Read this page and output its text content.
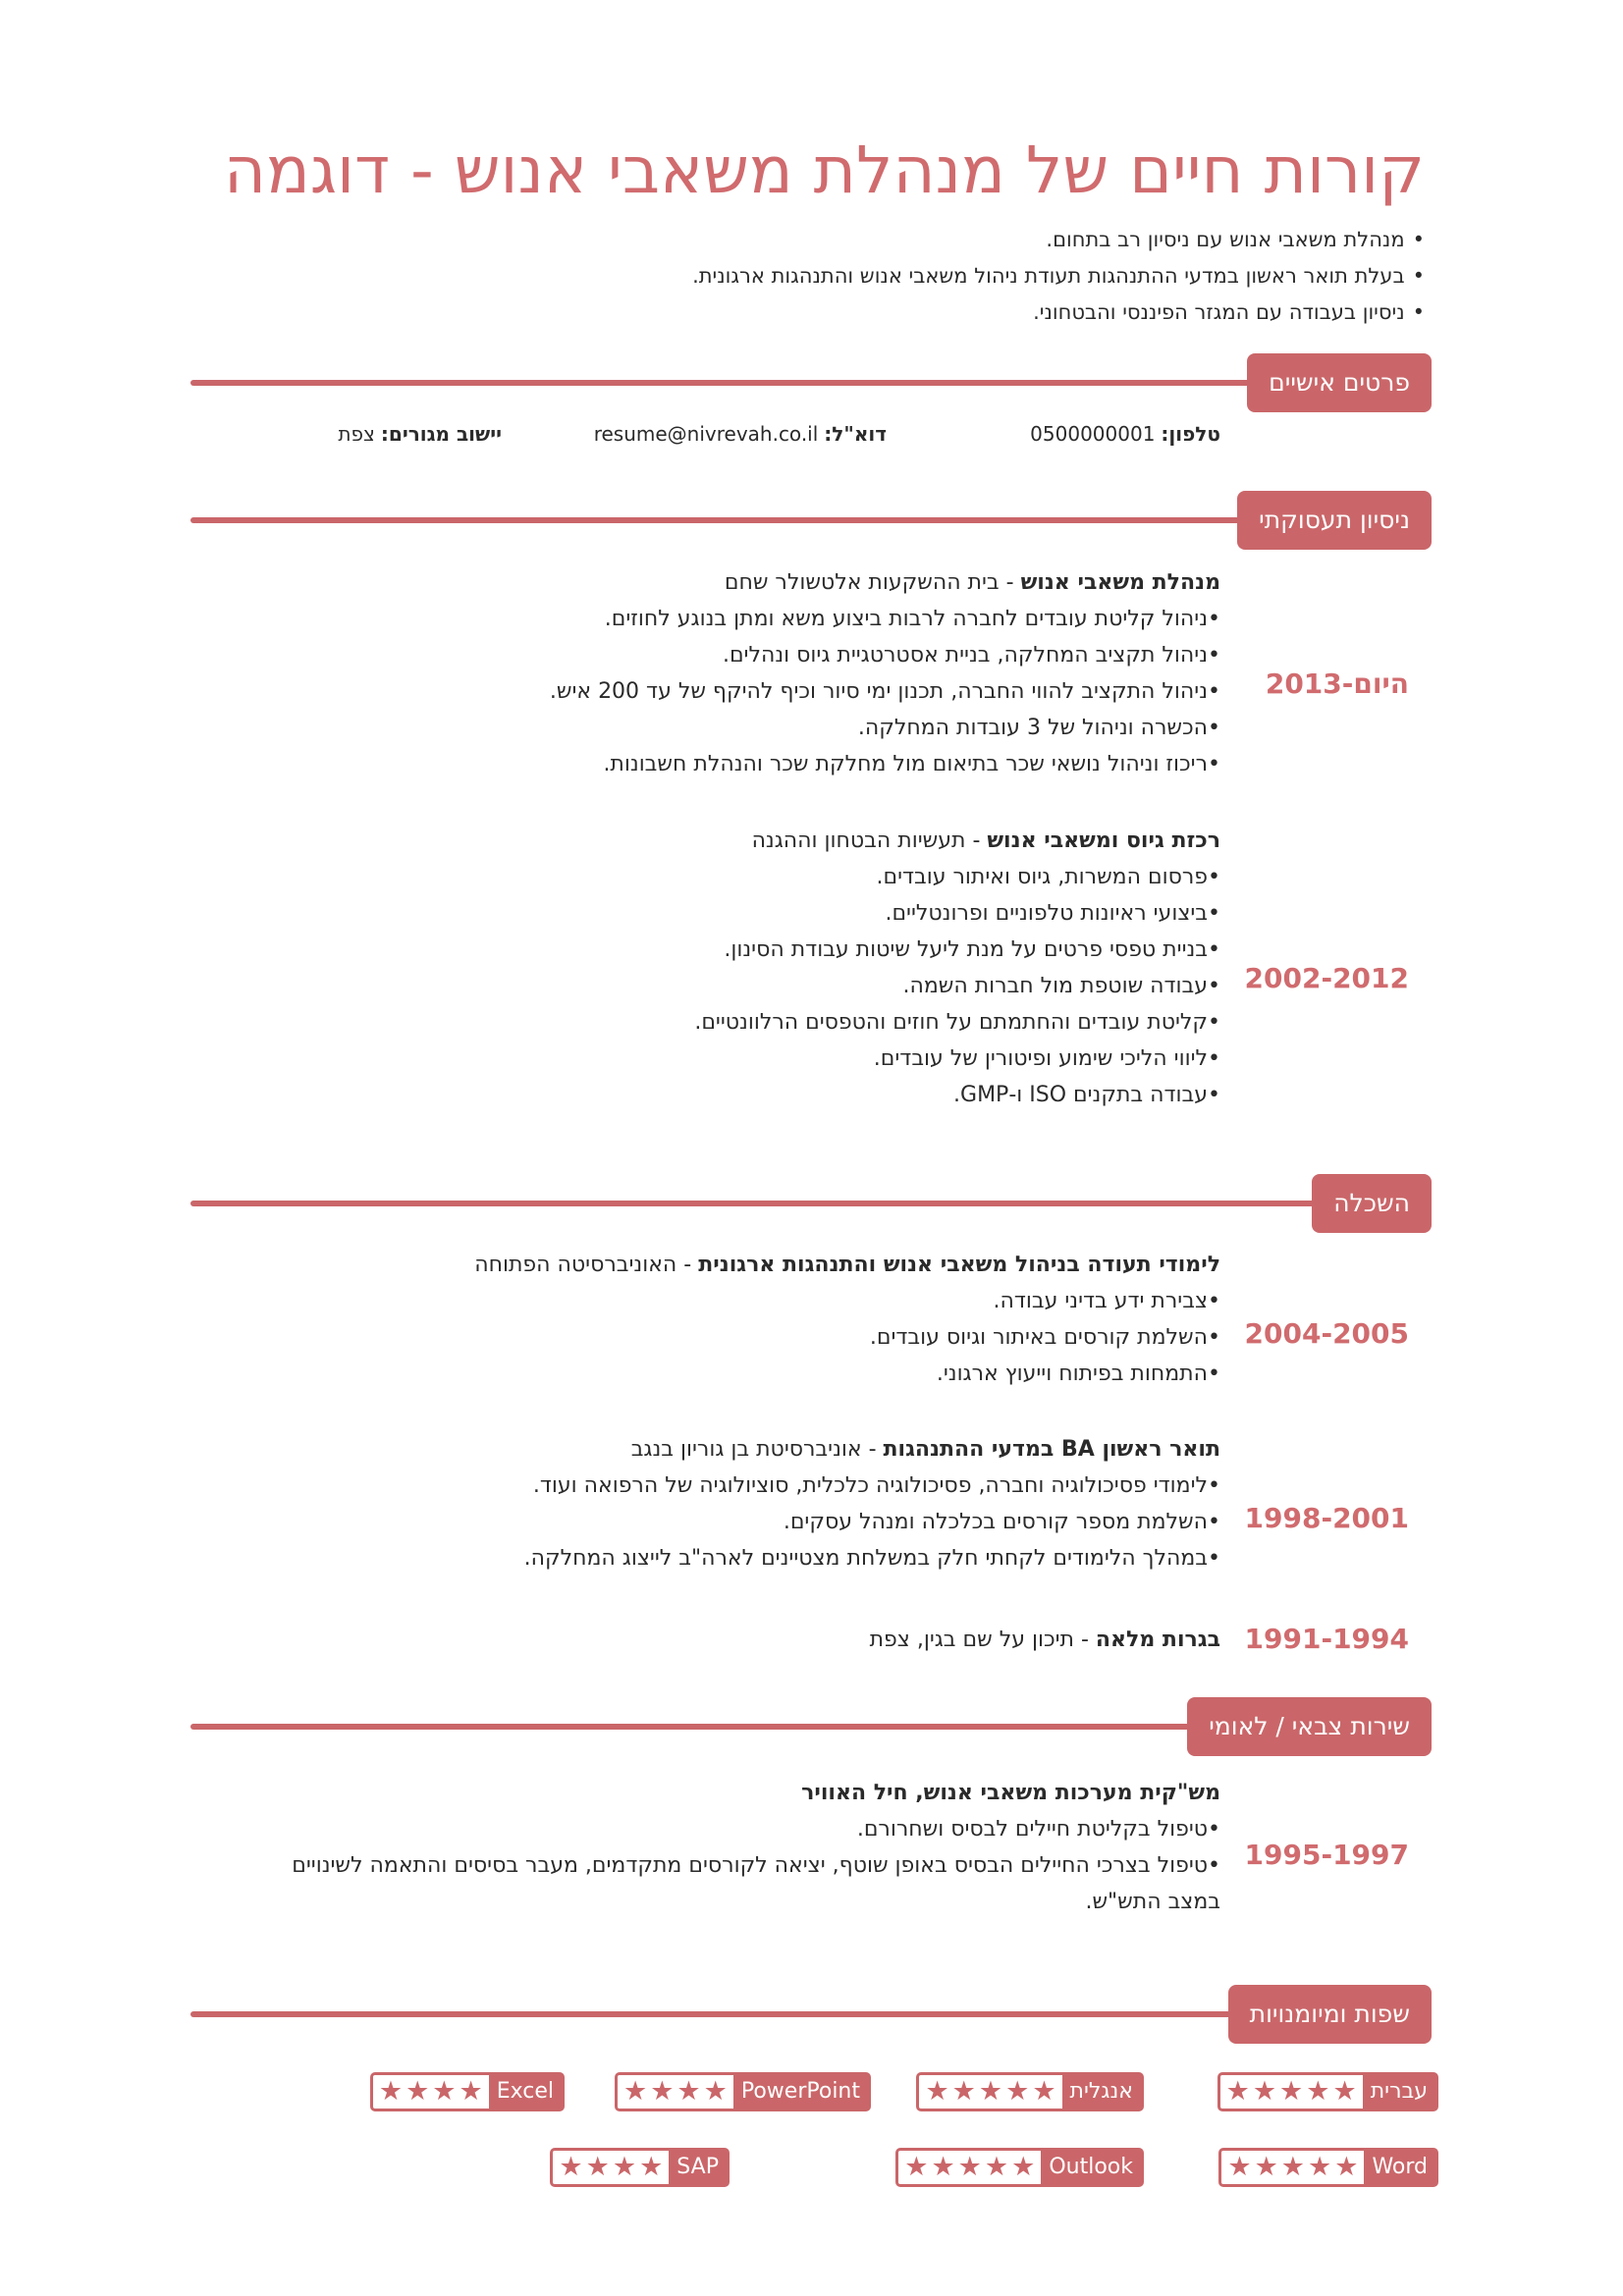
קורות חיים של מנהלת משאבי אנוש - דוגמה
•מנהלת משאבי אנוש עם ניסיון רב בתחום.
•בעלת תואר ראשון במדעי ההתנהגות תעודת ניהול משאבי אנוש והתנהגות ארגונית.
•ניסיון בעבודה עם המגזר הפיננסי והבטחוני.
פרטים אישיים
טלפון:0500000001
דוא"ל:resume@nivrevah.co.il
יישוב מגורים:צפת
ניסיון תעסוקתי
2013-היום
מנהלת משאבי אנוש - בית ההשקעות אלטשולר שחם
•ניהול קליטת עובדים לחברה לרבות ביצוע משא ומתן בנוגע לחוזים.
•ניהול תקציב המחלקה, בניית אסטרטגיית גיוס ונהלים.
•ניהול התקציב להווי החברה, תכנון ימי סיור וכיף להיקף של עד 200 איש.
•הכשרה וניהול של 3 עובדות המחלקה.
•ריכוז וניהול נושאי שכר בתיאום מול מחלקת שכר והנהלת חשבונות.
2002-2012
רכזת גיוס ומשאבי אנוש - תעשיות הבטחון וההגנה
•פרסום המשרות, גיוס ואיתור עובדים.
•ביצועי ראיונות טלפוניים ופרונטליים.
•בניית טפסי פרטים על מנת ליעל שיטות עבודת הסינון.
•עבודה שוטפת מול חברות השמה.
•קליטת עובדים והחתמתם על חוזים והטפסים הרלוונטיים.
•ליווי הליכי שימוע ופיטורין של עובדים.
•עבודה בתקנים ISO ו-GMP.
השכלה
2004-2005
לימודי תעודה בניהול משאבי אנוש והתנהגות ארגונית - האוניברסיטה הפתוחה
•צבירת ידע בדיני עבודה.
•השלמת קורסים באיתור וגיוס עובדים.
•התמחות בפיתוח וייעוץ ארגוני.
1998-2001
תואר ראשון BA במדעי ההתנהגות - אוניברסיטת בן גוריון בנגב
•לימודי פסיכולוגיה וחברה, פסיכולוגיה כלכלית, סוציולוגיה של הרפואה ועוד.
•השלמת מספר קורסים בכלכלה ומנהל עסקים.
•במהלך הלימודים לקחתי חלק במשלחת מצטיינים לארה"ב לייצוג המחלקה.
1991-1994
בגרות מלאה - תיכון על שם בגין, צפת
שירות צבאי / לאומי
1995-1997
מש"קית מערכות משאבי אנוש, חיל האוויר
•טיפול בקליטת חיילים לבסיס ושחרורם.
•טיפול בצרכי החיילים הבסיס באופן שוטף, יציאה לקורסים מתקדמים, מעבר בסיסים והתאמה לשינויים במצב התש"ש.
שפות ומיומנויות
עברית
★
★
★
★
★
אנגלית
★
★
★
★
★
PowerPoint
★
★
★
★
Excel
★
★
★
★
Word
★
★
★
★
★
Outlook
★
★
★
★
★
SAP
★
★
★
★
